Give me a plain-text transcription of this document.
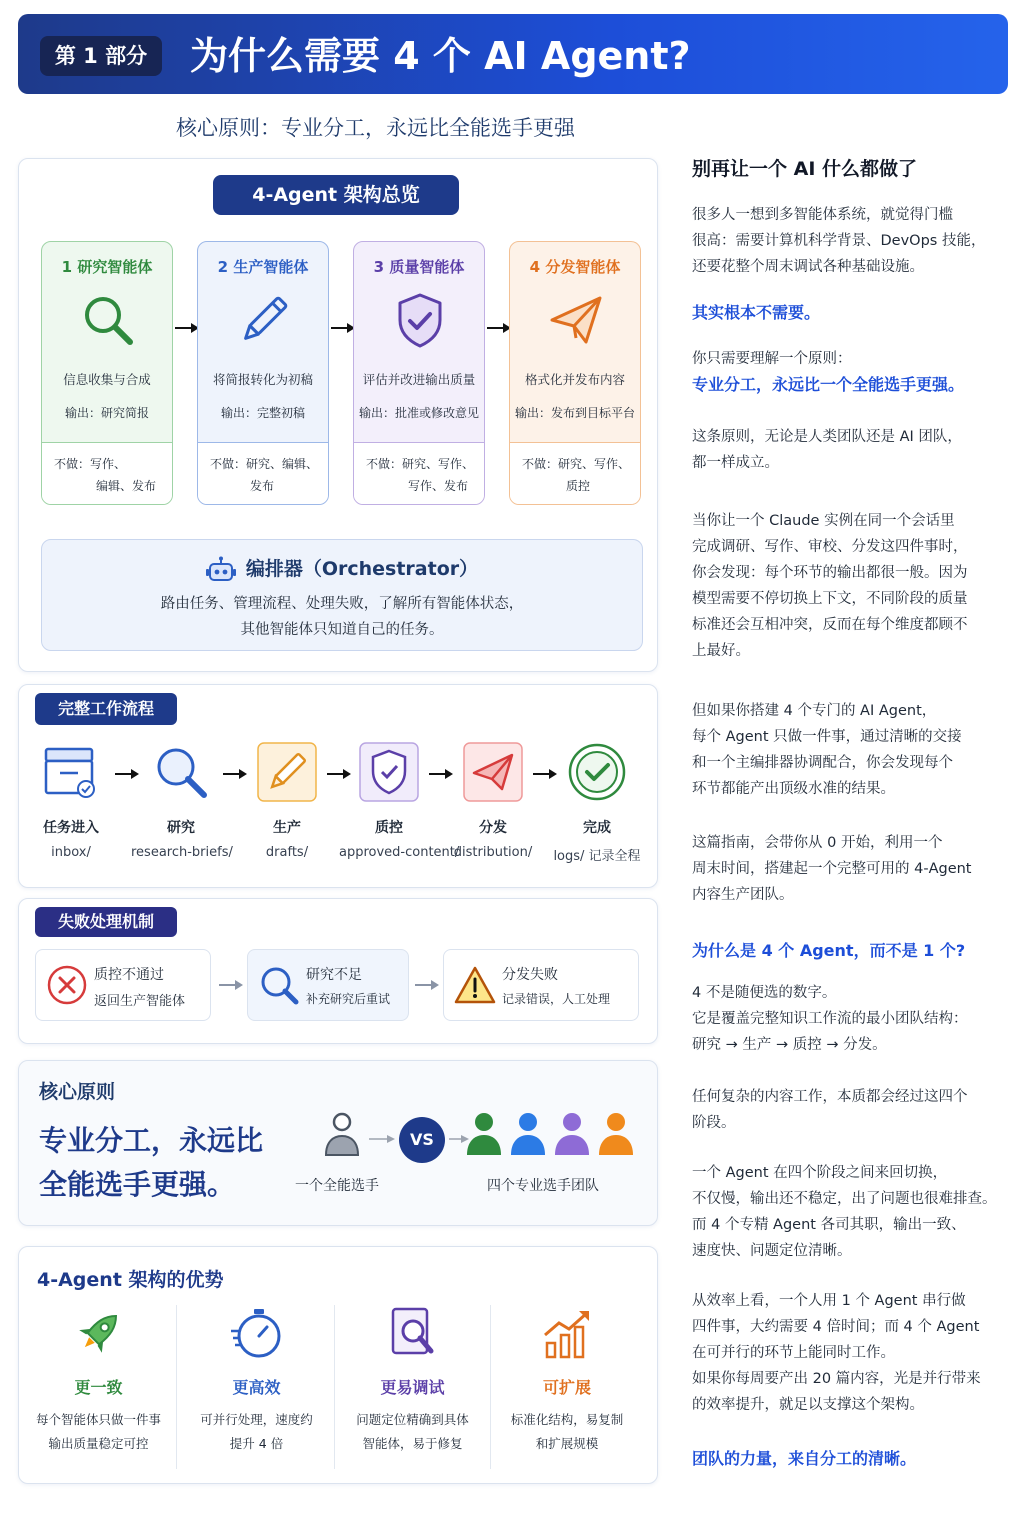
第 1 部分	为什么需要 4 个 AI Agent?
核心原则：专业分工，永远比全能选手更强
4-Agent 架构总览
1 研究智能体
信息收集与合成
输出：研究简报
不做：写作、
编辑、发布
2 生产智能体
将简报转化为初稿
输出：完整初稿
不做：研究、编辑、
发布
3 质量智能体
评估并改进输出质量
输出：批准或修改意见
不做：研究、写作、
写作、发布
4 分发智能体
格式化并发布内容
输出：发布到目标平台
不做：研究、写作、
质控
编排器（Orchestrator）
路由任务、管理流程、处理失败，了解所有智能体状态，
其他智能体只知道自己的任务。
完整工作流程
任务进入
inbox/
研究
research-briefs/
生产
drafts/
质控
approved-content/
分发
distribution/
完成
logs/ 记录全程
失败处理机制
质控不通过
返回生产智能体
研究不足
补充研究后重试
分发失败
记录错误，人工处理
核心原则
专业分工，永远比
全能选手更强。
VS
一个全能选手	四个专业选手团队
4-Agent 架构的优势
更一致
每个智能体只做一件事
输出质量稳定可控
更高效
可并行处理，速度约
提升 4 倍
更易调试
问题定位精确到具体
智能体，易于修复
可扩展
标准化结构，易复制
和扩展规模
别再让一个 AI 什么都做了
很多人一想到多智能体系统，就觉得门槛
很高：需要计算机科学背景、DevOps 技能，
还要花整个周末调试各种基础设施。
其实根本不需要。
你只需要理解一个原则：
专业分工，永远比一个全能选手更强。
这条原则，无论是人类团队还是 AI 团队，
都一样成立。
当你让一个 Claude 实例在同一个会话里
完成调研、写作、审校、分发这四件事时，
你会发现：每个环节的输出都很一般。因为
模型需要不停切换上下文，不同阶段的质量
标准还会互相冲突，反而在每个维度都顾不
上最好。
但如果你搭建 4 个专门的 AI Agent，
每个 Agent 只做一件事，通过清晰的交接
和一个主编排器协调配合，你会发现每个
环节都能产出顶级水准的结果。
这篇指南，会带你从 0 开始，利用一个
周末时间，搭建起一个完整可用的 4-Agent
内容生产团队。
为什么是 4 个 Agent，而不是 1 个?
4 不是随便选的数字。
它是覆盖完整知识工作流的最小团队结构：
研究 → 生产 → 质控 → 分发。
任何复杂的内容工作，本质都会经过这四个
阶段。
一个 Agent 在四个阶段之间来回切换，
不仅慢，输出还不稳定，出了问题也很难排查。
而 4 个专精 Agent 各司其职，输出一致、
速度快、问题定位清晰。
从效率上看，一个人用 1 个 Agent 串行做
四件事，大约需要 4 倍时间；而 4 个 Agent
在可并行的环节上能同时工作。
如果你每周要产出 20 篇内容，光是并行带来
的效率提升，就足以支撑这个架构。
团队的力量，来自分工的清晰。
